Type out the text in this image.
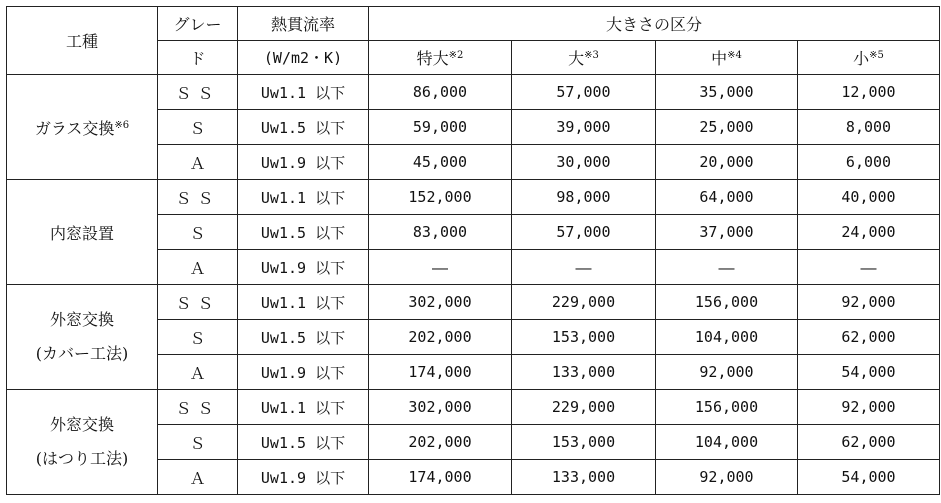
工種	グレー	熱貫流率	大きさの区分			
	ド	(W/m2・K)	特大$^{※2}$	大$^{※3}$	中$^{※4}$	小$^{※5}$
ガラス交換$^{※6}$	ＳＳ	Uw1.1 以下	86,000	57,000	35,000	12,000
	Ｓ	Uw1.5 以下	59,000	39,000	25,000	8,000
	Ａ	Uw1.9 以下	45,000	30,000	20,000	6,000
内窓設置	ＳＳ	Uw1.1 以下	152,000	98,000	64,000	40,000
	Ｓ	Uw1.5 以下	83,000	57,000	37,000	24,000
	Ａ	Uw1.9 以下	―	―	―	―

外窓交換
(カバー工法)	ＳＳ	Uw1.1 以下	302,000	229,000	156,000	92,000
	Ｓ	Uw1.5 以下	202,000	153,000	104,000	62,000
	Ａ	Uw1.9 以下	174,000	133,000	92,000	54,000

外窓交換
(はつり工法)	ＳＳ	Uw1.1 以下	302,000	229,000	156,000	92,000
	Ｓ	Uw1.5 以下	202,000	153,000	104,000	62,000
	Ａ	Uw1.9 以下	174,000	133,000	92,000	54,000
